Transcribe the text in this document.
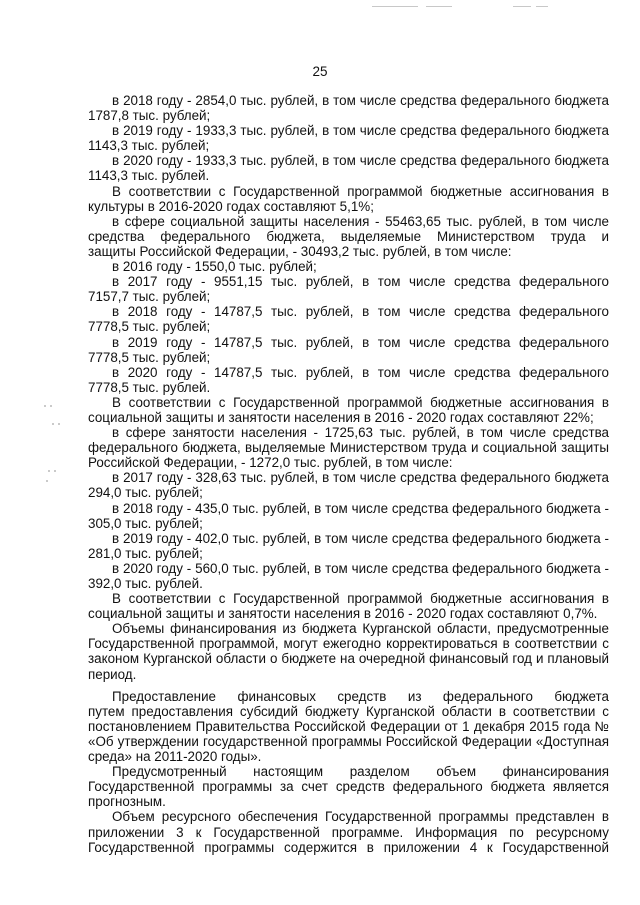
25
в 2018 году - 2854,0 тыс. рублей, в том числе средства федерального бюджета
1787,8 тыс. рублей;
в 2019 году - 1933,3 тыс. рублей, в том числе средства федерального бюджета
1143,3 тыс. рублей;
в 2020 году - 1933,3 тыс. рублей, в том числе средства федерального бюджета
1143,3 тыс. рублей.
В соответствии с Государственной программой бюджетные ассигнования в
культуры в 2016-2020 годах составляют 5,1%;
в сфере социальной защиты населения - 55463,65 тыс. рублей, в том числе
средства федерального бюджета, выделяемые Министерством труда и
защиты Российской Федерации, - 30493,2 тыс. рублей, в том числе:
в 2016 году - 1550,0 тыс. рублей;
в 2017 году - 9551,15 тыс. рублей, в том числе средства федерального
7157,7 тыс. рублей;
в 2018 году - 14787,5 тыс. рублей, в том числе средства федерального
7778,5 тыс. рублей;
в 2019 году - 14787,5 тыс. рублей, в том числе средства федерального
7778,5 тыс. рублей;
в 2020 году - 14787,5 тыс. рублей, в том числе средства федерального
7778,5 тыс. рублей.
В соответствии с Государственной программой бюджетные ассигнования в
социальной защиты и занятости населения в 2016 - 2020 годах составляют 22%;
в сфере занятости населения - 1725,63 тыс. рублей, в том числе средства
федерального бюджета, выделяемые Министерством труда и социальной защиты
Российской Федерации, - 1272,0 тыс. рублей, в том числе:
в 2017 году - 328,63 тыс. рублей, в том числе средства федерального бюджета
294,0 тыс. рублей;
в 2018 году - 435,0 тыс. рублей, в том числе средства федерального бюджета -
305,0 тыс. рублей;
в 2019 году - 402,0 тыс. рублей, в том числе средства федерального бюджета -
281,0 тыс. рублей;
в 2020 году - 560,0 тыс. рублей, в том числе средства федерального бюджета -
392,0 тыс. рублей.
В соответствии с Государственной программой бюджетные ассигнования в
социальной защиты и занятости населения в 2016 - 2020 годах составляют 0,7%.
Объемы финансирования из бюджета Курганской области, предусмотренные
Государственной программой, могут ежегодно корректироваться в соответствии с
законом Курганской области о бюджете на очередной финансовый год и плановый
период.
Предоставление финансовых средств из федерального бюджета
путем предоставления субсидий бюджету Курганской области в соответствии с
постановлением Правительства Российской Федерации от 1 декабря 2015 года №
«Об утверждении государственной программы Российской Федерации «Доступная
среда» на 2011-2020 годы».
Предусмотренный настоящим разделом объем финансирования
Государственной программы за счет средств федерального бюджета является
прогнозным.
Объем ресурсного обеспечения Государственной программы представлен в
приложении 3 к Государственной программе. Информация по ресурсному
Государственной программы содержится в приложении 4 к Государственной
